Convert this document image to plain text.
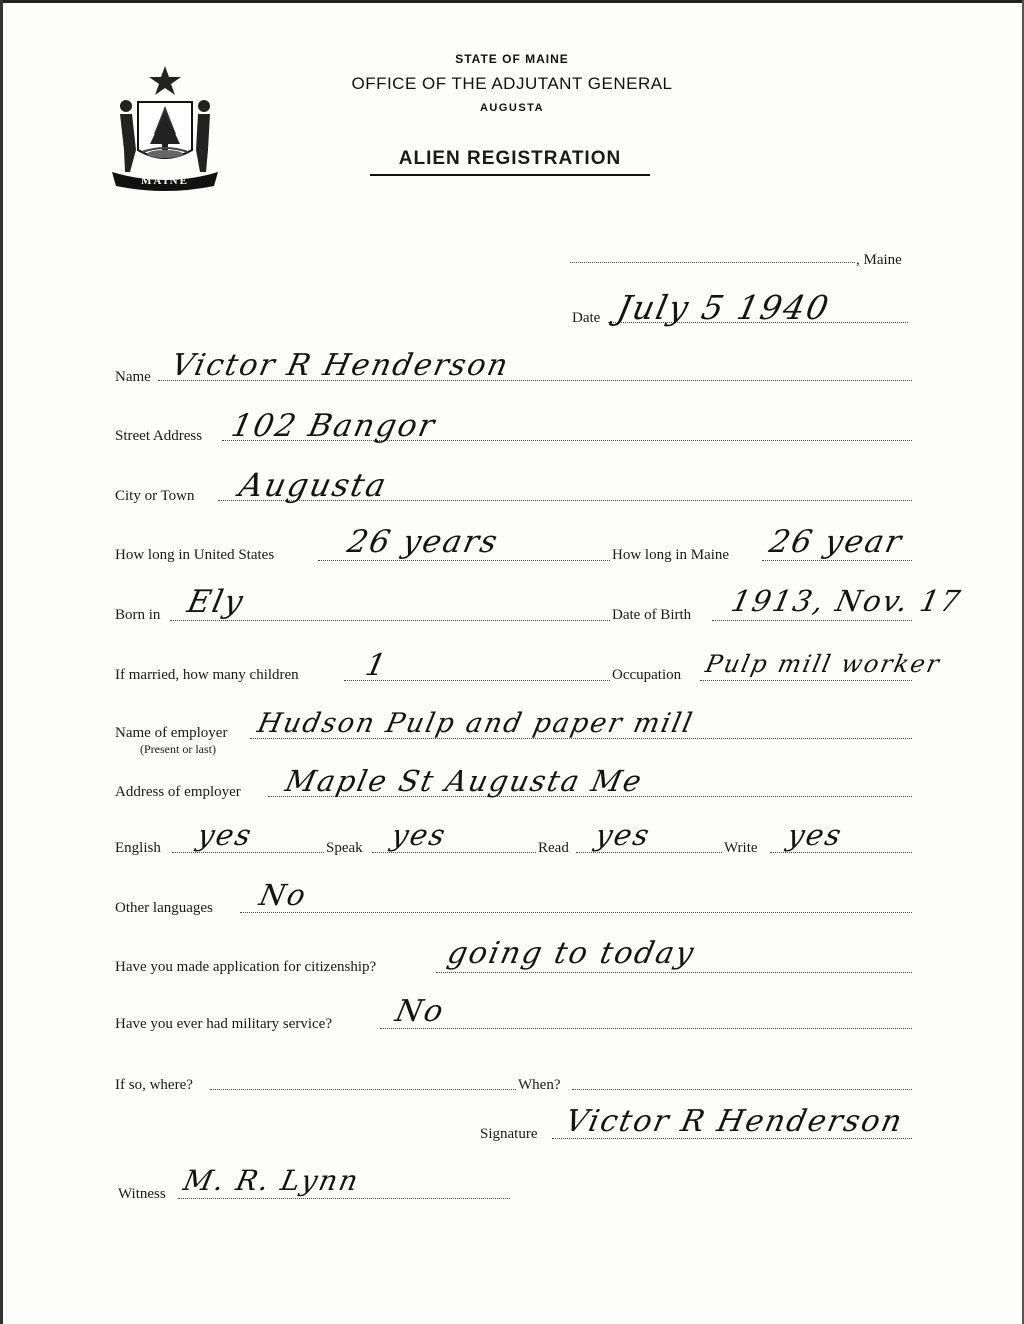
MAINE
STATE OF MAINE
OFFICE OF THE ADJUTANT GENERAL
AUGUSTA
ALIEN REGISTRATION
, Maine
Date July 5 1940
Name Victor R Henderson
Street Address 102 Bangor
City or Town Augusta
How long in United States 26 years	How long in Maine 26 year
Born in Ely	Date of Birth 1913, Nov. 17
If married, how many children 1	Occupation Pulp mill worker
Name of employer
(Present or last)
Hudson Pulp and paper mill
Address of employer Maple St Augusta Me
English yes	Speak yes	Read yes	Write yes
Other languages No
Have you made application for citizenship? going to today
Have you ever had military service? No
If so, where?	When?
Signature Victor R Henderson
Witness M. R. Lynn
